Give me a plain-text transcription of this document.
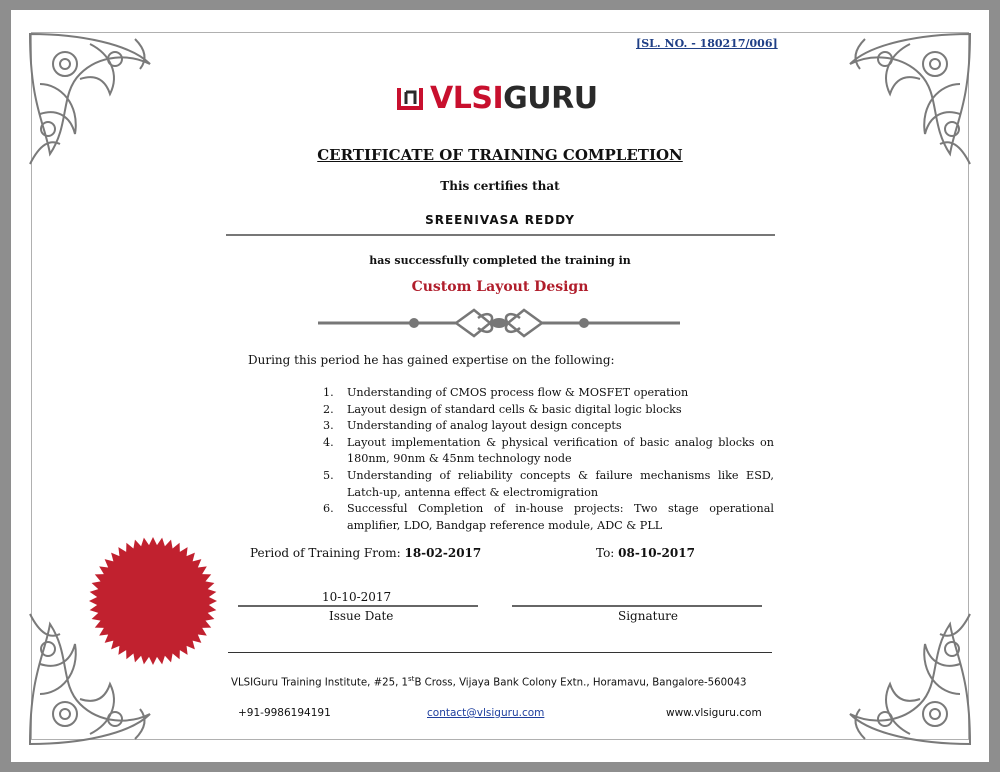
[SL. NO. - 180217/006]
VLSIGURU
CERTIFICATE OF TRAINING COMPLETION
This certifies that
SREENIVASA REDDY
has successfully completed the training in
Custom Layout Design
During this period he has gained expertise on the following:
1. Understanding of CMOS process flow & MOSFET operation
2. Layout design of standard cells & basic digital logic blocks
3. Understanding of analog layout design concepts
4. Layout implementation & physical verification of basic analog blocks on 180nm, 90nm & 45nm technology node
5. Understanding of reliability concepts & failure mechanisms like ESD, Latch-up, antenna effect & electromigration
6. Successful Completion of in-house projects: Two stage operational amplifier, LDO, Bandgap reference module, ADC & PLL
Period of Training From: 18-02-2017	To: 08-10-2017
10-10-2017
Issue Date	Signature
VLSIGuru Training Institute, #25, 1stB Cross, Vijaya Bank Colony Extn., Horamavu, Bangalore-560043
+91-9986194191	contact@vlsiguru.com	www.vlsiguru.com
